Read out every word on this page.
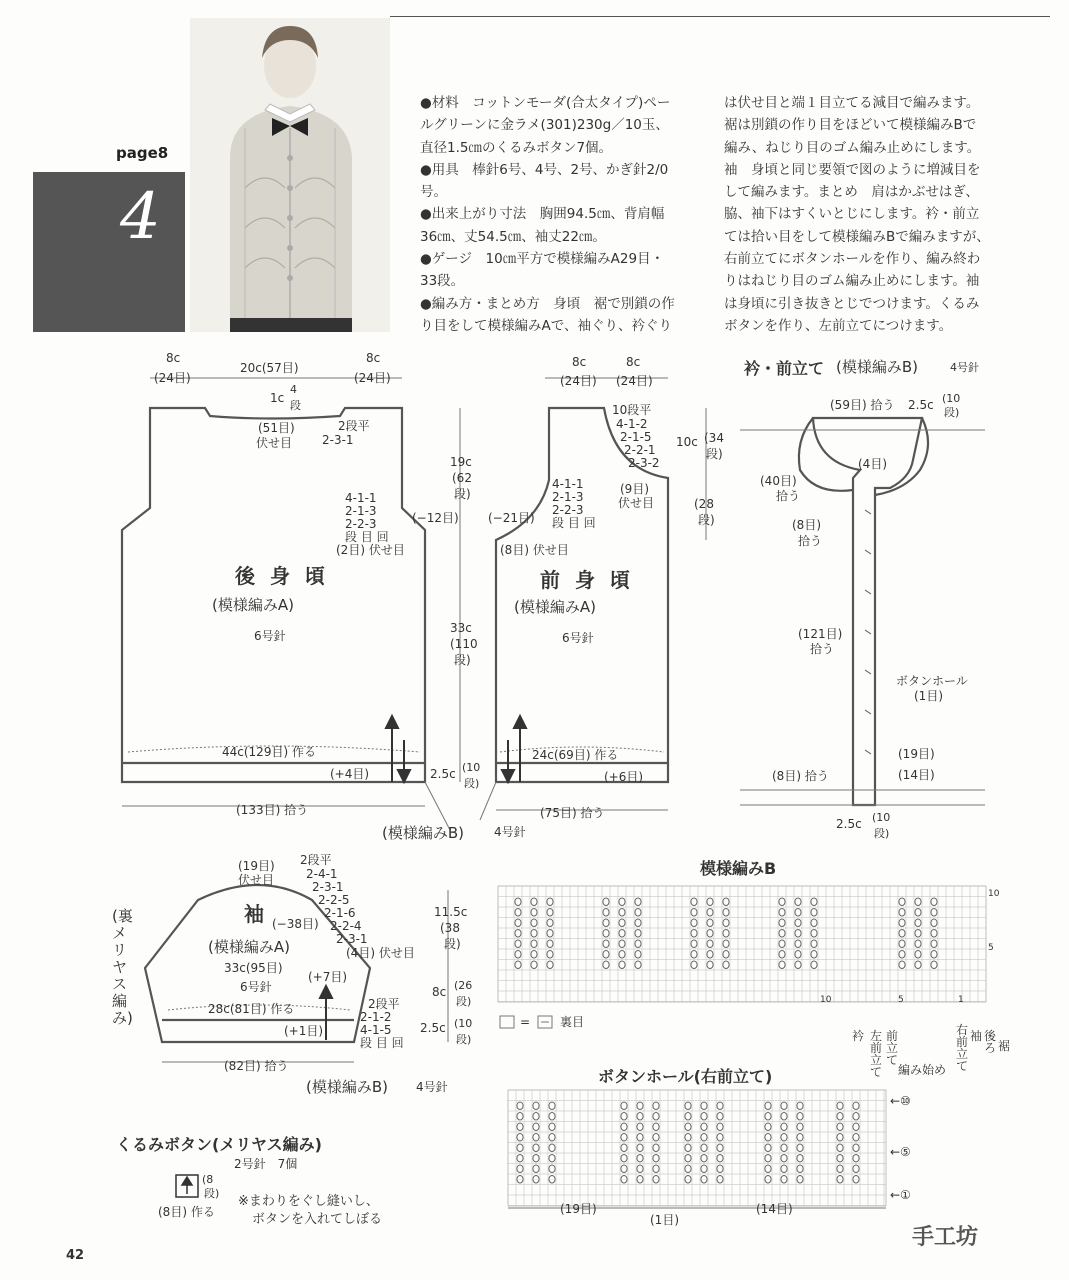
page8
4
●材料　コットンモーダ(合太タイプ)ペー
ルグリーンに金ラメ(301)230g／10玉、
直径1.5㎝のくるみボタン7個。
●用具　棒針6号、4号、2号、かぎ針2/0
号。
●出来上がり寸法　胸囲94.5㎝、背肩幅
36㎝、丈54.5㎝、袖丈22㎝。
●ゲージ　10㎝平方で模様編みA29目・
33段。
●編み方・まとめ方　身頃　裾で別鎖の作
り目をして模様編みAで、袖ぐり、衿ぐり
は伏せ目と端１目立てる減目で編みます。
裾は別鎖の作り目をほどいて模様編みBで
編み、ねじり目のゴム編み止めにします。
袖　身頃と同じ要領で図のように増減目を
して編みます。まとめ　肩はかぶせはぎ、
脇、袖下はすくいとじにします。衿・前立
ては拾い目をして模様編みBで編みますが、
右前立てにボタンホールを作り、編み終わ
りはねじり目のゴム編み止めにします。袖
は身頃に引き抜きとじでつけます。くるみ
ボタンを作り、左前立てにつけます。
8c
(24目)
20c(57目)
8c
(24目)
1c
4
段
(51目)
伏せ目
2段平
2-3-1
4-1-1
2-1-3
2-2-3
段 目 回
(2目) 伏せ目
(−12目)
19c
(62
段)
33c
(110
段)
後 身 頃
(模様編みA)
6号針
44c(129目) 作る
(+4目)	2.5c (10
段)
(133目) 拾う
(模様編みB)	4号針
8c
(24目)
8c
(24目)
10段平
4-1-2
2-1-5
2-2-1
2-3-2
10c (34
段)
(9目)
伏せ目	(28
段)
4-1-1
2-1-3
2-2-3
段 目 回
(8目) 伏せ目
(−21目)
前 身 頃
(模様編みA)
6号針
24c(69目) 作る
(+6目)
(75目) 拾う
衿・前立て (模様編みB)	4号針
(59目) 拾う 2.5c (10
段)
(4目)
(40目)
拾う
(8目)
拾う
(121目)
拾う
ボタンホール
(1目)
(19目)
(14目)
(8目) 拾う
2.5c (10
段)
(19目)
伏せ目
2段平
2-4-1
2-3-1
2-2-5
2-1-6
2-2-4
2-3-1
(4目) 伏せ目
(−38目)
袖
(模様編みA)
33c(95目)
6号針
(+7目)
28c(81目) 作る	2段平
2-1-2
4-1-5
段 目 回
(+1目)
11.5c
(38
段)
8c (26
段)
2.5c (10
段)
(82目) 拾う
(模様編みB) 4号針
(裏メリヤス編み)
模様編みB
10
5
10	5	1
= 裏目
衿 左前立て
前立て
右前立て
袖 後ろ 裾
編み始め
ボタンホール(右前立て)
←⑩
←⑤
←①
(19目)
(1目)
(14目)
くるみボタン(メリヤス編み)
2号針　7個
(8
段)
(8目) 作る
※まわりをぐし縫いし、
ボタンを入れてしぼる
手工坊
42
